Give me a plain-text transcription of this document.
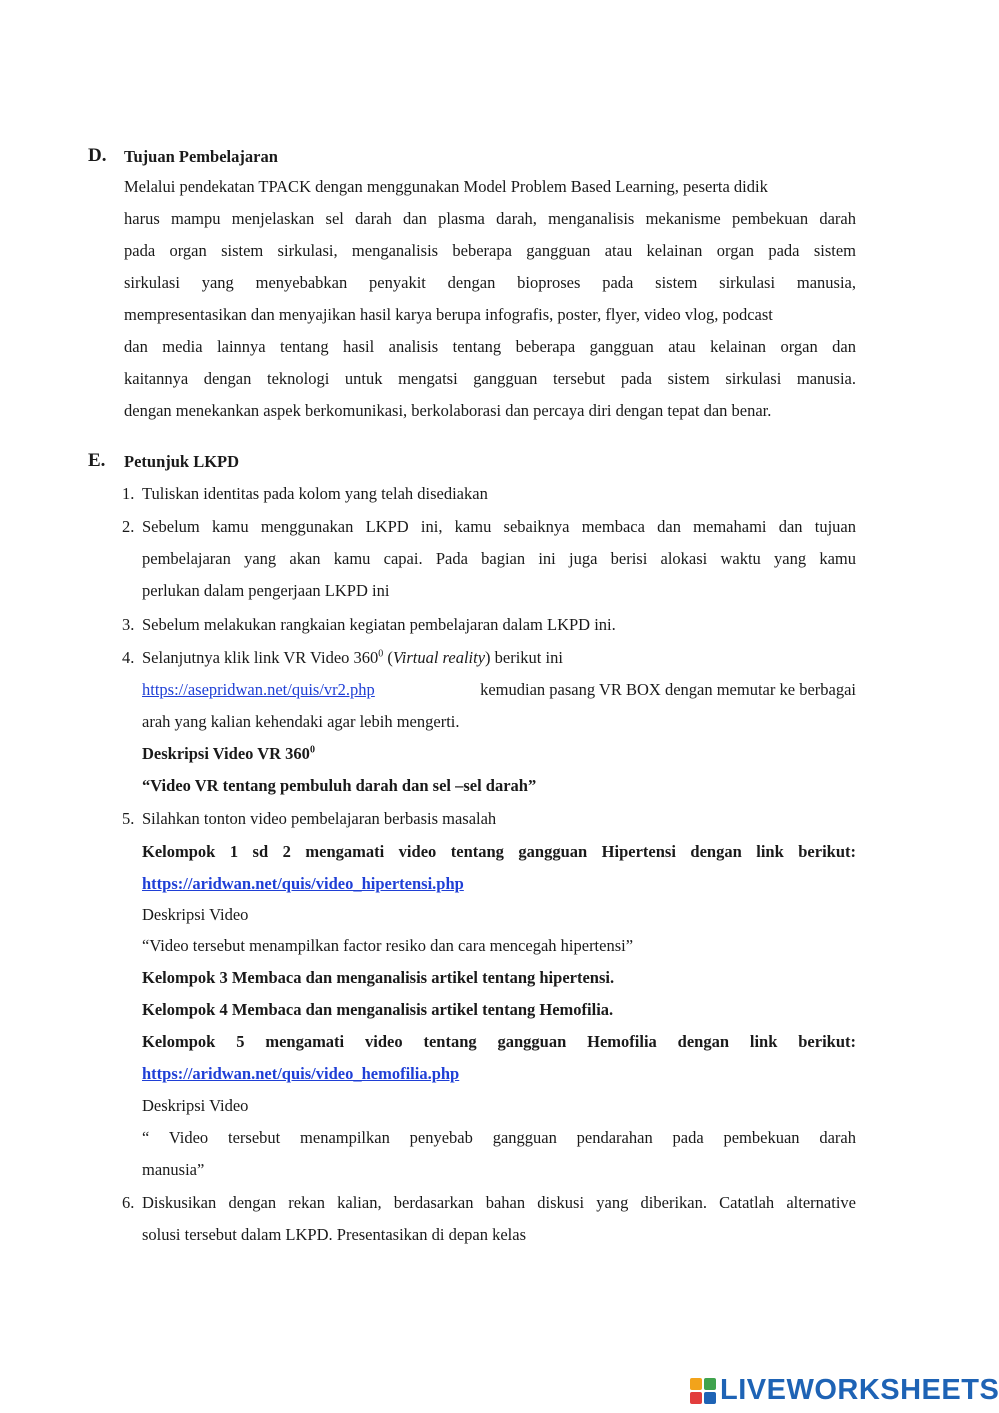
D. Tujuan Pembelajaran
Melalui pendekatan TPACK dengan menggunakan Model Problem Based Learning, peserta didik
harus mampu menjelaskan sel darah dan plasma darah, menganalisis mekanisme pembekuan darah
pada organ sistem sirkulasi, menganalisis beberapa gangguan atau kelainan organ pada sistem
sirkulasi yang menyebabkan penyakit dengan bioproses pada sistem sirkulasi manusia,
mempresentasikan dan menyajikan hasil karya berupa infografis, poster, flyer, video vlog, podcast
dan media lainnya tentang hasil analisis tentang beberapa gangguan atau kelainan organ dan
kaitannya dengan teknologi untuk mengatsi gangguan tersebut pada sistem sirkulasi manusia.
dengan menekankan aspek berkomunikasi, berkolaborasi dan percaya diri dengan tepat dan benar.
E. Petunjuk LKPD
1. Tuliskan identitas pada kolom yang telah disediakan
2. Sebelum kamu menggunakan LKPD ini, kamu sebaiknya membaca dan memahami dan tujuan
pembelajaran yang akan kamu capai. Pada bagian ini juga berisi alokasi waktu yang kamu
perlukan dalam pengerjaan LKPD ini
3. Sebelum melakukan rangkaian kegiatan pembelajaran dalam LKPD ini.
4. Selanjutnya klik link VR Video $360^0$ (Virtual reality) berikut ini
https://asepridwan.net/quis/vr2.php	kemudian pasang VR BOX dengan memutar ke berbagai
arah yang kalian kehendaki agar lebih mengerti.
Deskripsi Video VR $360^0$
“Video VR tentang pembuluh darah dan sel –sel darah”
5. Silahkan tonton video pembelajaran berbasis masalah
Kelompok 1 sd 2 mengamati video tentang gangguan Hipertensi dengan link berikut:
https://aridwan.net/quis/video_hipertensi.php
Deskripsi Video
“Video tersebut menampilkan factor resiko dan cara mencegah hipertensi”
Kelompok 3 Membaca dan menganalisis artikel tentang hipertensi.
Kelompok 4 Membaca dan menganalisis artikel tentang Hemofilia.
Kelompok 5 mengamati video tentang gangguan Hemofilia dengan link berikut:
https://aridwan.net/quis/video_hemofilia.php
Deskripsi Video
“ Video tersebut menampilkan penyebab gangguan pendarahan pada pembekuan darah
manusia”
6. Diskusikan dengan rekan kalian, berdasarkan bahan diskusi yang diberikan. Catatlah alternative
solusi tersebut dalam LKPD. Presentasikan di depan kelas
LIVEWORKSHEETS
